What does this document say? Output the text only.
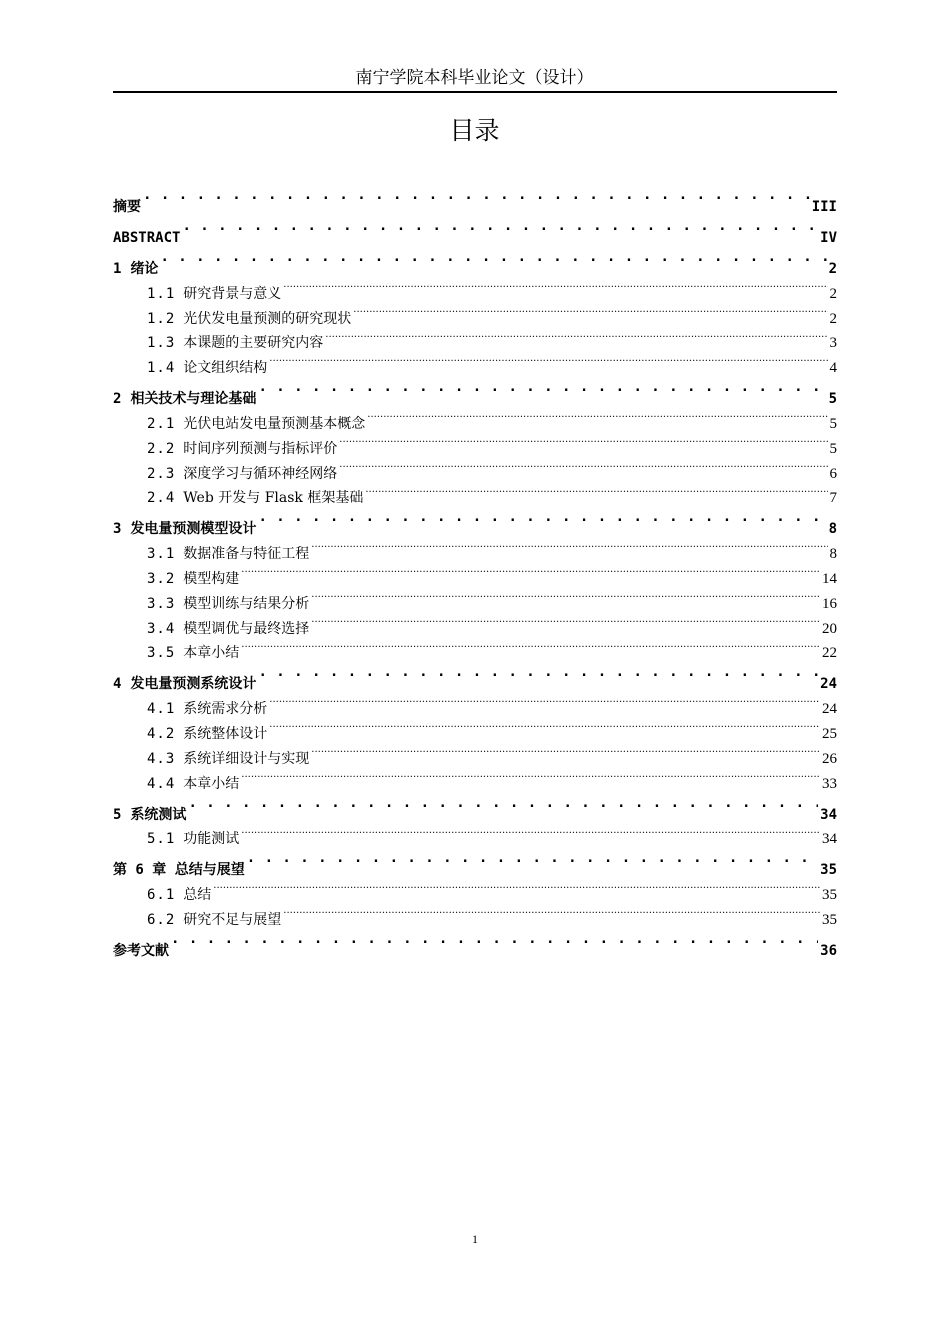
南宁学院本科毕业论文（设计）
目录
摘要 . . .	III
ABSTRACT . . .	IV
1 绪论 . . .	2
1.1 研究背景与意义 .....	2
1.2 光伏发电量预测的研究现状 .....	2
1.3 本课题的主要研究内容 .....	3
1.4 论文组织结构 .....	4
2 相关技术与理论基础 . . .	5
2.1 光伏电站发电量预测基本概念 .....	5
2.2 时间序列预测与指标评价 .....	5
2.3 深度学习与循环神经网络 .....	6
2.4 Web 开发与 Flask 框架基础 .....	7
3 发电量预测模型设计 . . .	8
3.1 数据准备与特征工程 .....	8
3.2 模型构建 .....	14
3.3 模型训练与结果分析 .....	16
3.4 模型调优与最终选择 .....	20
3.5 本章小结 .....	22
4 发电量预测系统设计 . . .	24
4.1 系统需求分析 .....	24
4.2 系统整体设计 .....	25
4.3 系统详细设计与实现 .....	26
4.4 本章小结 .....	33
5 系统测试 . . .	34
5.1 功能测试 .....	34
第 6 章 总结与展望 . . .	35
6.1 总结 .....	35
6.2 研究不足与展望 .....	35
参考文献 . . .	36
1
